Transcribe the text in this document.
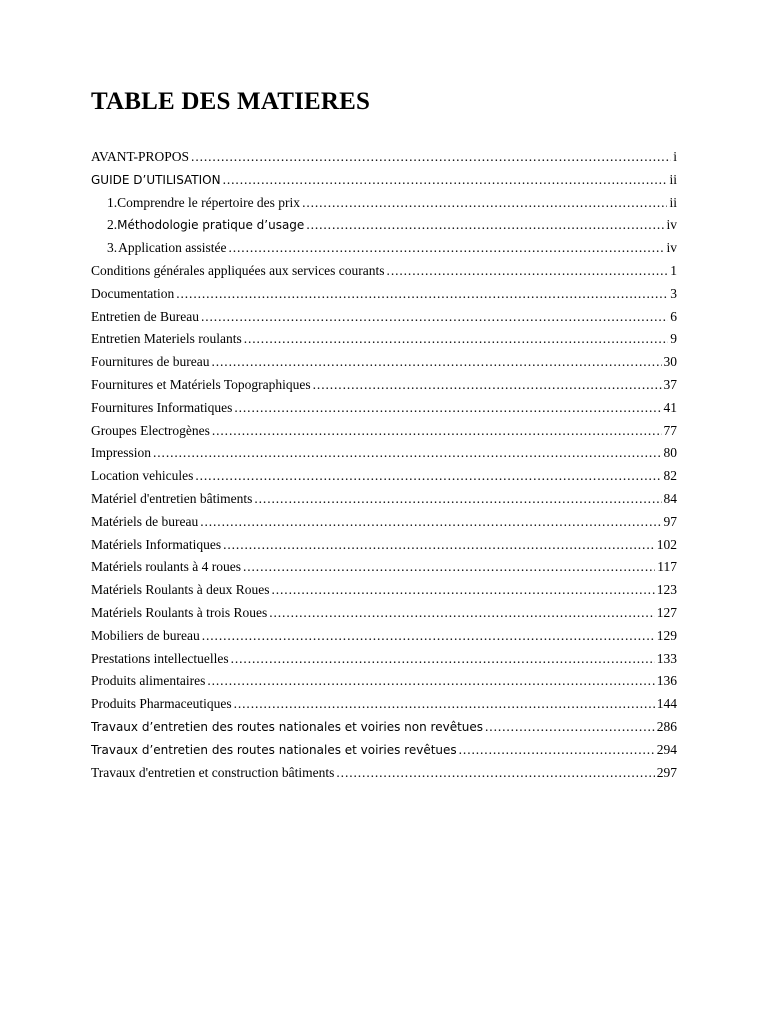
TABLE DES MATIERES
AVANT-PROPOS .....	i
GUIDE D’UTILISATION .....	ii
1. Comprendre le répertoire des prix .....	ii
2. Méthodologie pratique d’usage .....	iv
3. Application assistée .....	iv
Conditions générales appliquées aux services courants .....	1
Documentation .....	3
Entretien de Bureau .....	6
Entretien Materiels roulants .....	9
Fournitures de bureau .....	30
Fournitures et Matériels Topographiques .....	37
Fournitures Informatiques .....	41
Groupes Electrogènes .....	77
Impression .....	80
Location vehicules .....	82
Matériel d'entretien bâtiments .....	84
Matériels de bureau .....	97
Matériels Informatiques .....	102
Matériels roulants à 4 roues .....	117
Matériels Roulants à deux Roues .....	123
Matériels Roulants à trois Roues .....	127
Mobiliers de bureau .....	129
Prestations intellectuelles .....	133
Produits alimentaires .....	136
Produits Pharmaceutiques .....	144
Travaux d’entretien des routes nationales et voiries non revêtues .....	286
Travaux d’entretien des routes nationales et voiries revêtues .....	294
Travaux d'entretien et construction bâtiments .....	297
